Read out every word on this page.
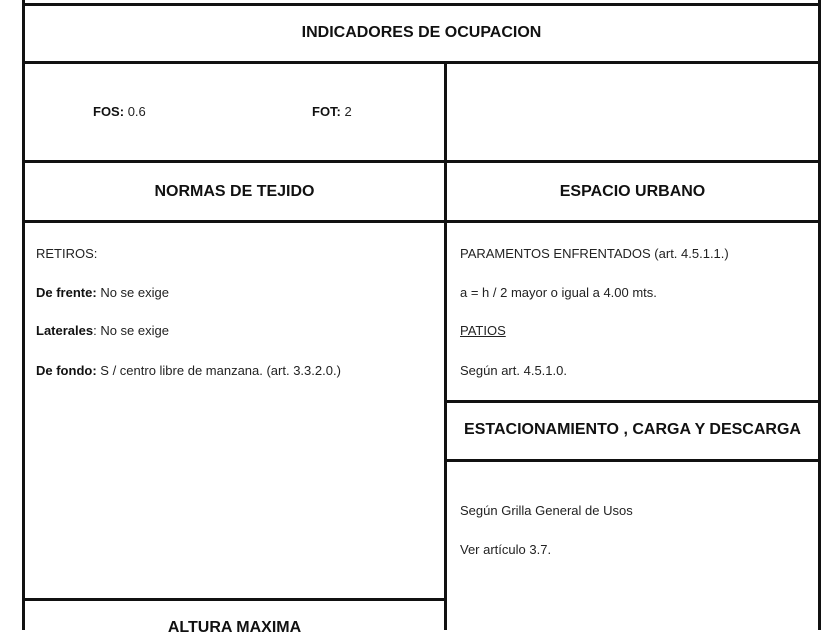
INDICADORES DE OCUPACION
FOS: 0.6	FOT: 2
NORMAS DE TEJIDO	ESPACIO URBANO
RETIROS:
De frente: No se exige
Laterales: No se exige
De fondo: S / centro libre de manzana. (art. 3.3.2.0.)
PARAMENTOS ENFRENTADOS (art. 4.5.1.1.)
a = h / 2 mayor o igual a 4.00 mts.
PATIOS
Según art. 4.5.1.0.
ESTACIONAMIENTO , CARGA Y DESCARGA
Según Grilla General de Usos
Ver artículo 3.7.
ALTURA MAXIMA
